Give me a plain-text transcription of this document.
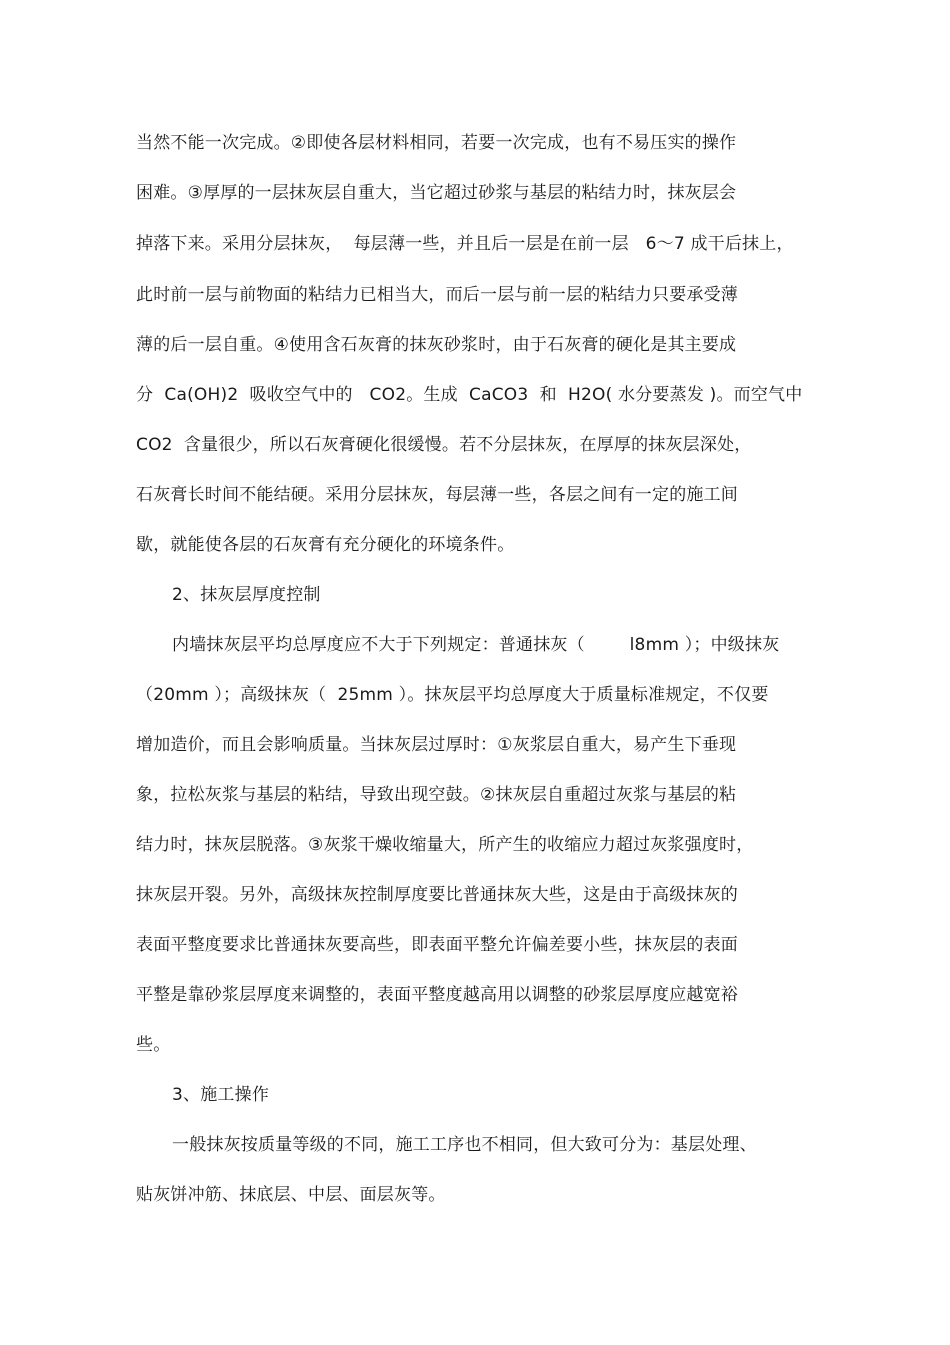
当然不能一次完成。②即使各层材料相同，若要一次完成，也有不易压实的操作
困难。③厚厚的一层抹灰层自重大，当它超过砂浆与基层的粘结力时，抹灰层会
掉落下来。采用分层抹灰，  每层薄一些，并且后一层是在前一层   6～7 成干后抹上，
此时前一层与前物面的粘结力已相当大，而后一层与前一层的粘结力只要承受薄
薄的后一层自重。④使用含石灰膏的抹灰砂浆时，由于石灰膏的硬化是其主要成
分  Ca(OH)2  吸收空气中的   CO2。生成  CaCO3  和  H2O( 水分要蒸发 )。而空气中
CO2  含量很少，所以石灰膏硬化很缓慢。若不分层抹灰，在厚厚的抹灰层深处，
石灰膏长时间不能结硬。采用分层抹灰，每层薄一些，各层之间有一定的施工间
歇，就能使各层的石灰膏有充分硬化的环境条件。
2、抹灰层厚度控制
内墙抹灰层平均总厚度应不大于下列规定：普通抹灰（        l8mm ）；中级抹灰
（20mm ）；高级抹灰（  25mm ）。抹灰层平均总厚度大于质量标准规定，不仅要
增加造价，而且会影响质量。当抹灰层过厚时：①灰浆层自重大，易产生下垂现
象，拉松灰浆与基层的粘结，导致出现空鼓。②抹灰层自重超过灰浆与基层的粘
结力时，抹灰层脱落。③灰浆干燥收缩量大，所产生的收缩应力超过灰浆强度时，
抹灰层开裂。另外，高级抹灰控制厚度要比普通抹灰大些，这是由于高级抹灰的
表面平整度要求比普通抹灰要高些，即表面平整允许偏差要小些，抹灰层的表面
平整是靠砂浆层厚度来调整的，表面平整度越高用以调整的砂浆层厚度应越宽裕
些。
3、施工操作
一般抹灰按质量等级的不同，施工工序也不相同，但大致可分为：基层处理、
贴灰饼冲筋、抹底层、中层、面层灰等。
